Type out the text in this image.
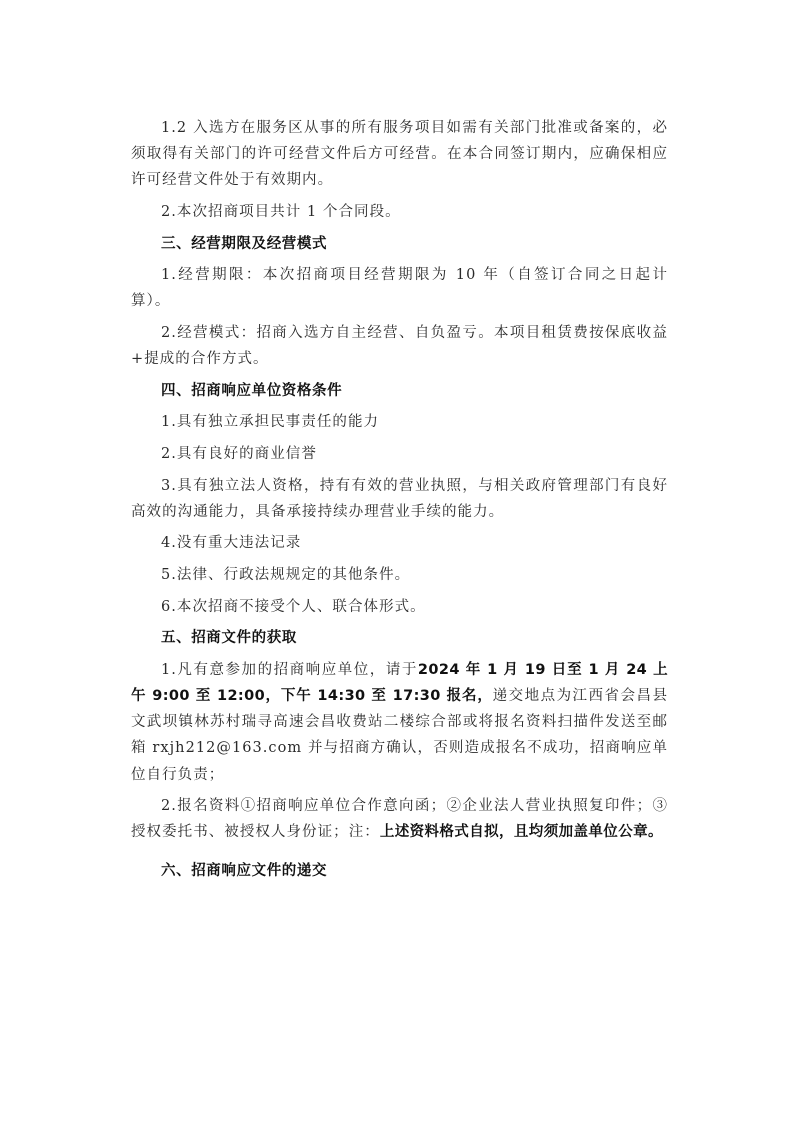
1.2 入选方在服务区从事的所有服务项目如需有关部门批准或备案的，必须取得有关部门的许可经营文件后方可经营。在本合同签订期内，应确保相应许可经营文件处于有效期内。

2.本次招商项目共计 1 个合同段。

三、经营期限及经营模式

1.经营期限：本次招商项目经营期限为 10 年（自签订合同之日起计算）。

2.经营模式：招商入选方自主经营、自负盈亏。本项目租赁费按保底收益+提成的合作方式。

四、招商响应单位资格条件

1.具有独立承担民事责任的能力

2.具有良好的商业信誉

3.具有独立法人资格，持有有效的营业执照，与相关政府管理部门有良好高效的沟通能力，具备承接持续办理营业手续的能力。

4.没有重大违法记录

5.法律、行政法规规定的其他条件。

6.本次招商不接受个人、联合体形式。

五、招商文件的获取

1.凡有意参加的招商响应单位，请于2024 年 1 月 19 日至 1 月 24 上午 9:00 至 12:00，下午 14:30 至 17:30 报名，递交地点为江西省会昌县文武坝镇林苏村瑞寻高速会昌收费站二楼综合部或将报名资料扫描件发送至邮箱 rxjh212@163.com 并与招商方确认，否则造成报名不成功，招商响应单位自行负责；

2.报名资料①招商响应单位合作意向函；②企业法人营业执照复印件；③授权委托书、被授权人身份证；注：上述资料格式自拟，且均须加盖单位公章。

六、招商响应文件的递交
